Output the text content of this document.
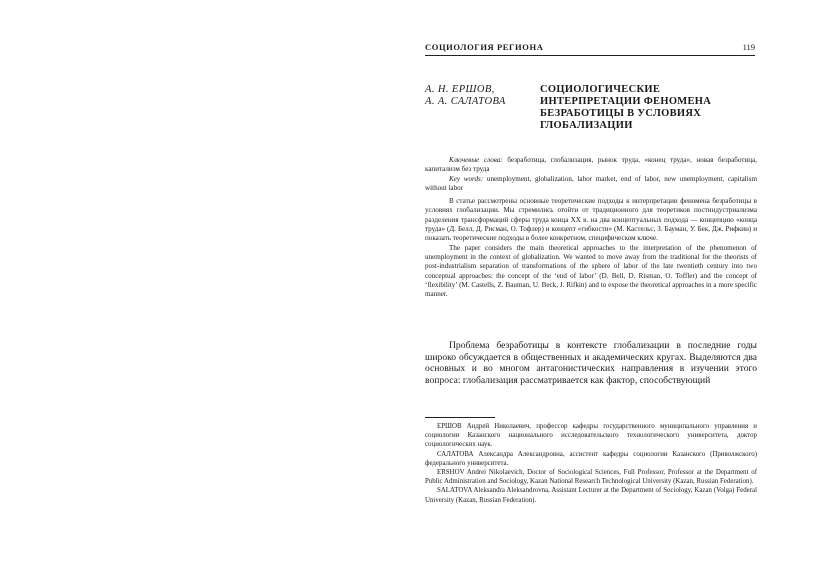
СОЦИОЛОГИЯ РЕГИОНА	119
А. Н. ЕРШОВ,
А. А. САЛАТОВА
СОЦИОЛОГИЧЕСКИЕ
ИНТЕРПРЕТАЦИИ ФЕНОМЕНА
БЕЗРАБОТИЦЫ В УСЛОВИЯХ
ГЛОБАЛИЗАЦИИ

Ключевые слова: безработица, глобализация, рынок труда, «конец труда», новая безработица, капитализм без труда

Key words: unemployment, globalization, labor market, end of labor, new unemployment, capitalism without labor

В статье рассмотрены основные теоретические подходы к интерпретации феномена безработицы в условиях глобализации. Мы стремились отойти от традиционного для теоретиков постиндустриализма разделения трансформаций сферы труда конца XX в. на два концептуальных подхода — концепцию «конца труда» (Д. Белл, Д. Рисман, О. Тофлер) и концепт «гибкости» (М. Кастельс, З. Бауман, У. Бек, Дж. Рифкин) и показать теоретические подходы в более конкретном, специфическом ключе.

The paper considers the main theoretical approaches to the interpretation of the phenomenon of unemployment in the context of globalization. We wanted to move away from the traditional for the theorists of post-industrialism separation of transformations of the sphere of labor of the late twentieth century into two conceptual approaches: the concept of the ‘end of labor’ (D. Bell, D. Risman, O. Toffler) and the concept of ‘flexibility’ (M. Castells, Z. Bauman, U. Beck, J. Rifkin) and to expose the theoretical approaches in a more specific manner.

Проблема безработицы в контексте глобализации в последние годы широко обсуждается в общественных и академических кругах. Выделяются два основных и во многом антагонистических направления в изучении этого вопроса: глобализация рассматривается как фактор, способствующий

ЕРШОВ Андрей Николаевич, профессор кафедры государственного муниципального управления и социологии Казанского национального исследовательского технологического университета, доктор социологических наук.

САЛАТОВА Александра Александровна, ассистент кафедры социологии Казанского (Приволжского) федерального университета.

ERSHOV Andrei Nikolaevich, Doctor of Sociological Sciences, Full Professor, Professor at the Department of Public Administration and Sociology, Kazan National Research Technological University (Kazan, Russian Federation).

SALATOVA Aleksandra Aleksandrovna, Assistant Lecturer at the Department of Sociology, Kazan (Volga) Federal University (Kazan, Russian Federation).
